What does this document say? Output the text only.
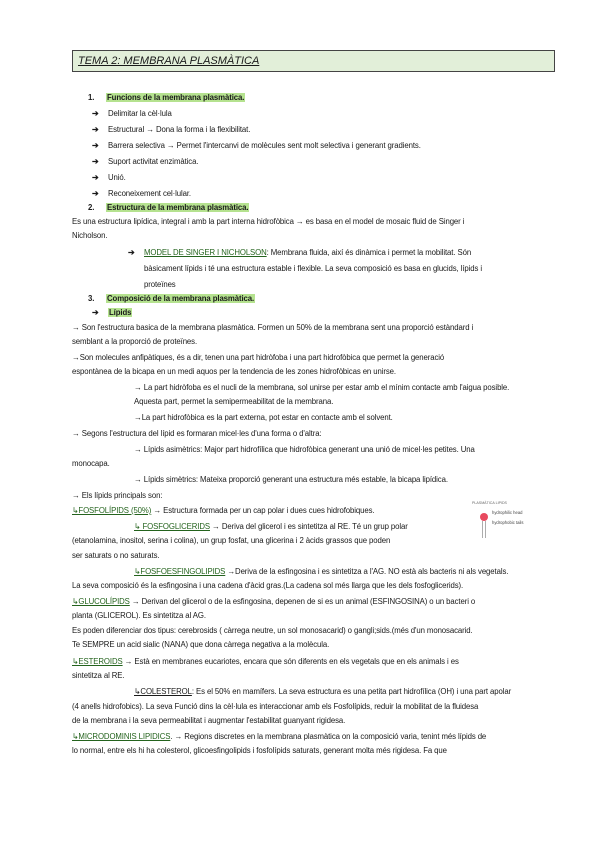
TEMA 2: MEMBRANA PLASMÀTICA
1. Funcions de la membrana plasmàtica.
➔ Delimitar la cèl·lula
➔ Estructural → Dona la forma i la flexibilitat.
➔ Barrera selectiva → Permet l'intercanvi de molècules sent molt selectiva i generant gradients.
➔ Suport activitat enzimàtica.
➔ Unió.
➔ Reconeixement cel·lular.
2. Estructura de la membrana plasmàtica.
Es una estructura lipídica, integral i amb la part interna hidrofòbica → es basa en el model de mosaic fluid de Singer i
Nicholson.
➔ MODEL DE SINGER I NICHOLSON: Membrana fluida, així és dinàmica i permet la mobilitat. Són
bàsicament lípids i té una estructura estable i flexible. La seva composició es basa en glucids, lípids i
proteïnes
3. Composició de la membrana plasmàtica.
➔ Lípids
→ Son l'estructura basica de la membrana plasmàtica. Formen un 50% de la membrana sent una proporció estàndard i
semblant a la proporció de proteïnes.
→Son molecules anfipàtiques, és a dir, tenen una part hidròfoba i una part hidrofòbica que permet la generació
espontànea de la bicapa en un medi aquos per la tendencia de les zones hidrofòbicas en unirse.
→ La part hidròfoba es el nucli de la membrana, sol unirse per estar amb el mínim contacte amb l'aigua posible.
Aquesta part, permet la semipermeabilitat de la membrana.
→La part hidrofòbica es la part externa, pot estar en contacte amb el solvent.
→ Segons l'estructura del lípid es formaran micel·les d'una forma o d'altra:
→ Lípids asimètrics: Major part hidrofílica que hidrofòbica generant una unió de micel·les petites. Una
monocapa.
→ Lípids simètrics: Mateixa proporció generant una estructura més estable, la bicapa lipídica.
→ Els lípids principals son:
↳FOSFOLÍPIDS (50%) → Estructura formada per un cap polar i dues cues hidrofobiques.
↳ FOSFOGLICERIDS → Deriva del glicerol i es sintetitza al RE. Té un grup polar
(etanolamina, inositol, serina i colina), un grup fosfat, una glicerina i 2 àcids grassos que poden
ser saturats o no saturats.
↳FOSFOESFINGOLIPIDS →Deriva de la esfingosina i es sintetitza a l'AG. NO està als bacteris ni als vegetals.
La seva composició és la esfingosina i una cadena d'àcid gras.(La cadena sol més llarga que les dels fosfoglicerids).
↳GLUCOLÍPIDS → Derivan del glicerol o de la esfingosina, depenen de si es un animal (ESFINGOSINA) o un bacteri o
planta (GLICEROL). Es sintetitza al AG.
Es poden diferenciar dos tipus: cerebrosids ( càrrega neutre, un sol monosacarid) o gangli;sids.(més d'un monosacarid.
Te SEMPRE un acid sialic (NANA) que dona càrrega negativa a la molècula.
↳ESTEROIDS → Està en membranes eucariotes, encara que són diferents en els vegetals que en els animals i es
sintetitza al RE.
↳COLESTEROL: Es el 50% en mamífers. La seva estructura es una petita part hidrofílica (OH) i una part apolar
(4 anells hidrofobics). La seva Funció dins la cèl·lula es interaccionar amb els Fosfolípids, reduir la mobilitat de la fluidesa
de la membrana i la seva permeabilitat i augmentar l'estabilitat guanyant rigidesa.
↳MICRODOMINIS LIPIDICS. → Regions discretes en la membrana plasmàtica on la composició varia, tenint més lípids de
lo normal, entre els hi ha colesterol, glicoesfingolipids i fosfolípids saturats, generant molta més rigidesa. Fa que
PLASMÀTICA LIPIDS
hydrophilic head
hydrophobic tails
